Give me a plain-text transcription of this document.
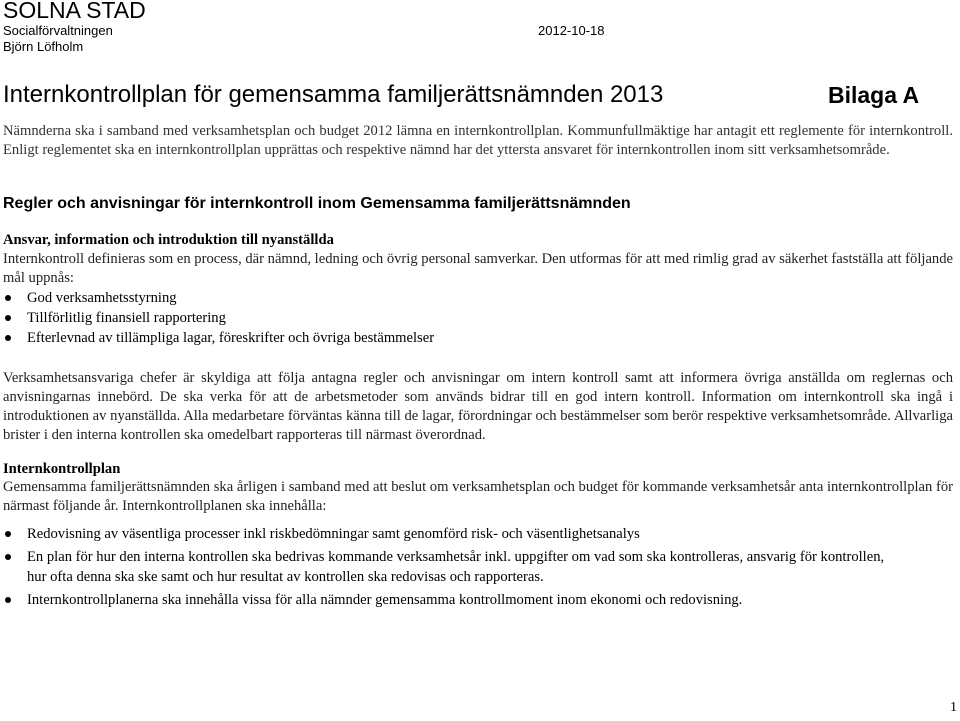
SOLNA STAD
Socialförvaltningen
Björn Löfholm
2012-10-18
Internkontrollplan för gemensamma familjerättsnämnden 2013	Bilaga A

Nämnderna ska i samband med verksamhetsplan och budget 2012 lämna en internkontrollplan. Kommunfullmäktige har antagit ett reglemente för internkontroll. Enligt reglementet ska en internkontrollplan upprättas och respektive nämnd har det yttersta ansvaret för internkontrollen inom sitt verksamhetsområde.

Regler och anvisningar för internkontroll inom Gemensamma familjerättsnämnden
Ansvar, information och introduktion till nyanställda

Internkontroll definieras som en process, där nämnd, ledning och övrig personal samverkar. Den utformas för att med rimlig grad av säkerhet fastställa att följande mål uppnås:

God verksamhetsstyrning
Tillförlitlig finansiell rapportering
Efterlevnad av tillämpliga lagar, föreskrifter och övriga bestämmelser

Verksamhetsansvariga chefer är skyldiga att följa antagna regler och anvisningar om intern kontroll samt att informera övriga anställda om reglernas och anvisningarnas innebörd. De ska verka för att de arbetsmetoder som används bidrar till en god intern kontroll. Information om internkontroll ska ingå i introduktionen av nyanställda. Alla medarbetare förväntas känna till de lagar, förordningar och bestämmelser som berör respektive verksamhetsområde. Allvarliga brister i den interna kontrollen ska omedelbart rapporteras till närmast överordnad.

Internkontrollplan

Gemensamma familjerättsnämnden ska årligen i samband med att beslut om verksamhetsplan och budget för kommande verksamhetsår anta internkontrollplan för närmast följande år. Internkontrollplanen ska innehålla:

Redovisning av väsentliga processer inkl riskbedömningar samt genomförd risk- och väsentlighetsanalys
En plan för hur den interna kontrollen ska bedrivas kommande verksamhetsår inkl. uppgifter om vad som ska kontrolleras, ansvarig för kontrollen, hur ofta denna ska ske samt och hur resultat av kontrollen ska redovisas och rapporteras.
Internkontrollplanerna ska innehålla vissa för alla nämnder gemensamma kontrollmoment inom ekonomi och redovisning.
1
